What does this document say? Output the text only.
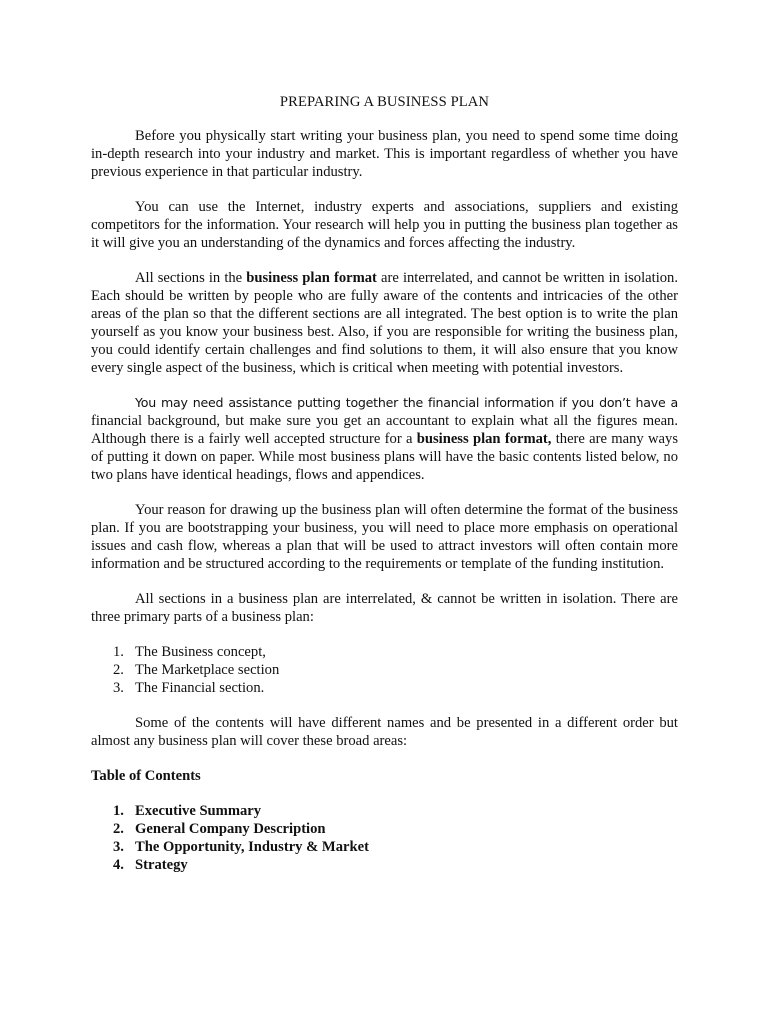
PREPARING A BUSINESS PLAN

Before you physically start writing your business plan, you need to spend some time doing in-depth research into your industry and market. This is important regardless of whether you have previous experience in that particular industry.

You can use the Internet, industry experts and associations, suppliers and existing competitors for the information. Your research will help you in putting the business plan together as it will give you an understanding of the dynamics and forces affecting the industry.

All sections in the business plan format are interrelated, and cannot be written in isolation. Each should be written by people who are fully aware of the contents and intricacies of the other areas of the plan so that the different sections are all integrated. The best option is to write the plan yourself as you know your business best. Also, if you are responsible for writing the business plan, you could identify certain challenges and find solutions to them, it will also ensure that you know every single aspect of the business, which is critical when meeting with potential investors.

You may need assistance putting together the financial information if you don’t have a financial background, but make sure you get an accountant to explain what all the figures mean. Although there is a fairly well accepted structure for a business plan format, there are many ways of putting it down on paper. While most business plans will have the basic contents listed below, no two plans have identical headings, flows and appendices.

Your reason for drawing up the business plan will often determine the format of the business plan. If you are bootstrapping your business, you will need to place more emphasis on operational issues and cash flow, whereas a plan that will be used to attract investors will often contain more information and be structured according to the requirements or template of the funding institution.

All sections in a business plan are interrelated, & cannot be written in isolation. There are three primary parts of a business plan:

1. The Business concept,
2. The Marketplace section
3. The Financial section.

Some of the contents will have different names and be presented in a different order but almost any business plan will cover these broad areas:

Table of Contents

1. Executive Summary
2. General Company Description
3. The Opportunity, Industry & Market
4. Strategy
